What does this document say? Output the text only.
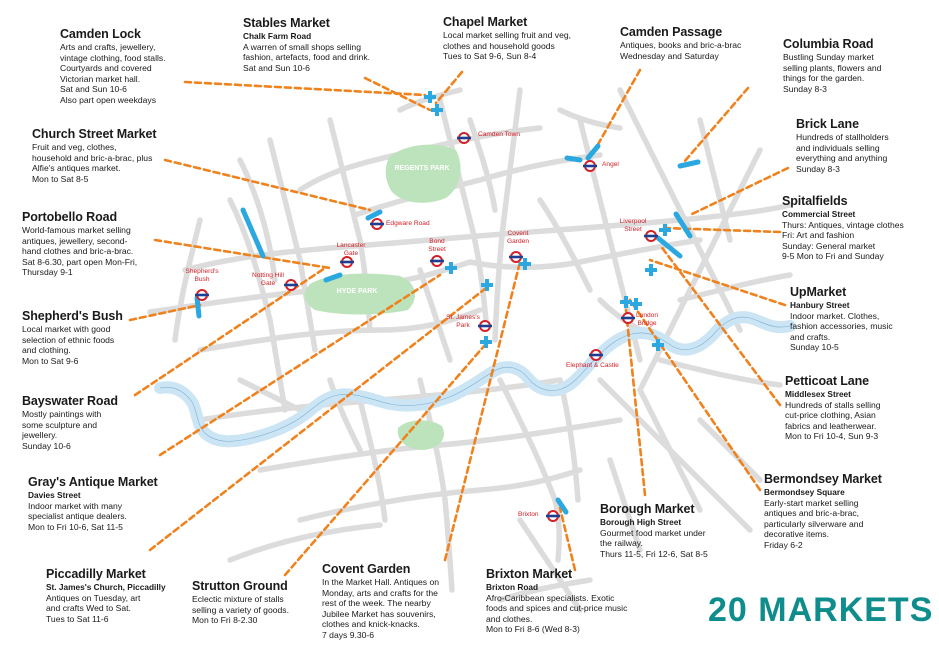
REGENTS PARK
HYDE PARK
Camden Town
Angel
Edgware Road	Liverpool Street
Lancaster Gate
Bond Street
Covent Garden
Shepherd's Bush	Notting Hill Gate
St. James's Park
London Bridge
Elephant & Castle
Brixton
Camden Lock
Arts and crafts, jewellery,
vintage clothing, food stalls.
Courtyards and covered
Victorian market hall.
Sat and Sun 10-6
Also part open weekdays
Stables Market
Chalk Farm Road
A warren of small shops selling
fashion, artefacts, food and drink.
Sat and Sun 10-6
Chapel Market
Local market selling fruit and veg,
clothes and household goods
Tues to Sat 9-6, Sun 8-4
Camden Passage
Antiques, books and bric-a-brac
Wednesday and Saturday
Columbia Road
Bustling Sunday market
selling plants, flowers and
things for the garden.
Sunday 8-3
Church Street Market
Fruit and veg, clothes,
household and bric-a-brac, plus
Alfie's antiques market.
Mon to Sat 8-5
Brick Lane
Hundreds of stallholders
and individuals selling
everything and anything
Sunday 8-3
Portobello Road
World-famous market selling
antiques, jewellery, second-
hand clothes and bric-a-brac.
Sat 8-6.30, part open Mon-Fri,
Thursday 9-1
Spitalfields
Commercial Street
Thurs: Antiques, vintage clothes
Fri: Art and fashion
Sunday: General market
9-5 Mon to Fri and Sunday
Shepherd's Bush
Local market with good
selection of ethnic foods
and clothing.
Mon to Sat 9-6
UpMarket
Hanbury Street
Indoor market. Clothes,
fashion accessories, music
and crafts.
Sunday 10-5
Bayswater Road
Mostly paintings with
some sculpture and
jewellery.
Sunday 10-6
Petticoat Lane
Middlesex Street
Hundreds of stalls selling
cut-price clothing, Asian
fabrics and leatherwear.
Mon to Fri 10-4, Sun 9-3
Gray's Antique Market
Davies Street
Indoor market with many
specialist antique dealers.
Mon to Fri 10-6, Sat 11-5
Bermondsey Market
Bermondsey Square
Early-start market selling
antiques and bric-a-brac,
particularly silverware and
decorative items.
Friday 6-2
Borough Market
Borough High Street
Gourmet food market under
the railway.
Thurs 11-5, Fri 12-6, Sat 8-5
Piccadilly Market
St. James's Church, Piccadilly
Antiques on Tuesday, art
and crafts Wed to Sat.
Tues to Sat 11-6
Strutton Ground
Eclectic mixture of stalls
selling a variety of goods.
Mon to Fri 8-2.30
Covent Garden
In the Market Hall. Antiques on
Monday, arts and crafts for the
rest of the week. The nearby
Jubilee Market has souvenirs,
clothes and knick-knacks.
7 days 9.30-6
Brixton Market
Brixton Road
Afro-Caribbean specialists. Exotic
foods and spices and cut-price music
and clothes.
Mon to Fri 8-6 (Wed 8-3)
20 MARKETS
